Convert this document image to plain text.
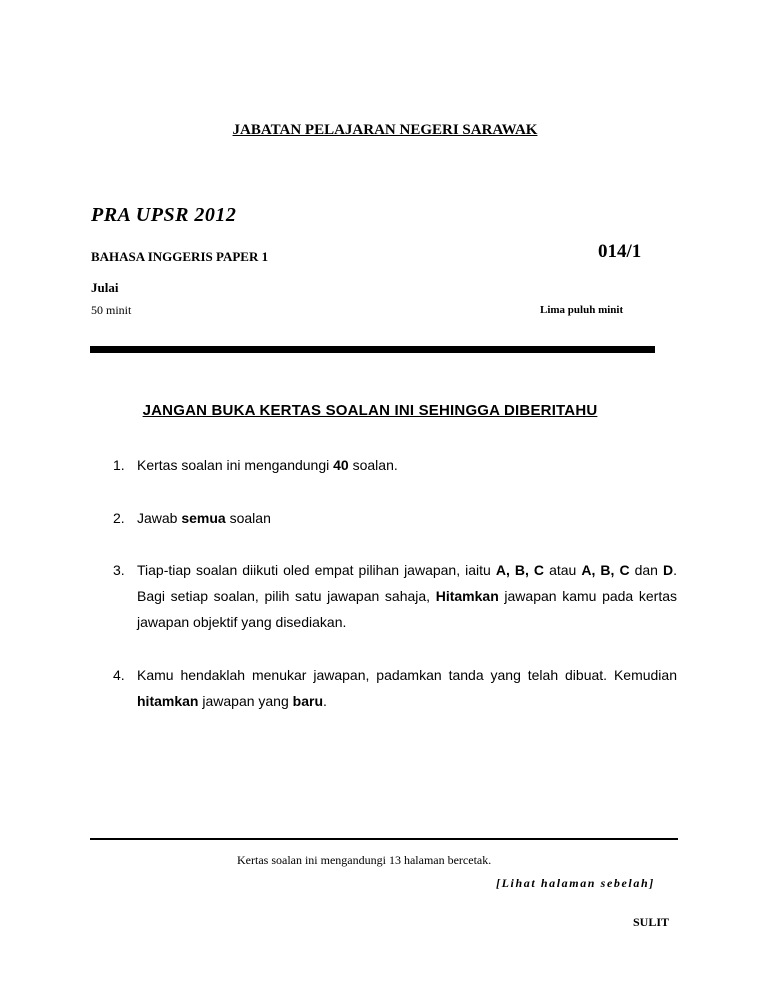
JABATAN PELAJARAN NEGERI SARAWAK
PRA UPSR 2012
BAHASA INGGERIS PAPER 1	014/1
Julai
50 minit	Lima puluh minit
JANGAN BUKA KERTAS SOALAN INI SEHINGGA DIBERITAHU
1. Kertas soalan ini mengandungi 40 soalan.
2. Jawab semua soalan
3. Tiap-tiap soalan diikuti oled empat pilihan jawapan, iaitu A, B, C atau A, B, C dan D. Bagi setiap soalan, pilih satu jawapan sahaja, Hitamkan jawapan kamu pada kertas jawapan objektif yang disediakan.
4. Kamu hendaklah menukar jawapan, padamkan tanda yang telah dibuat. Kemudian hitamkan jawapan yang baru.
Kertas soalan ini mengandungi 13 halaman bercetak.
[Lihat halaman sebelah]
SULIT
